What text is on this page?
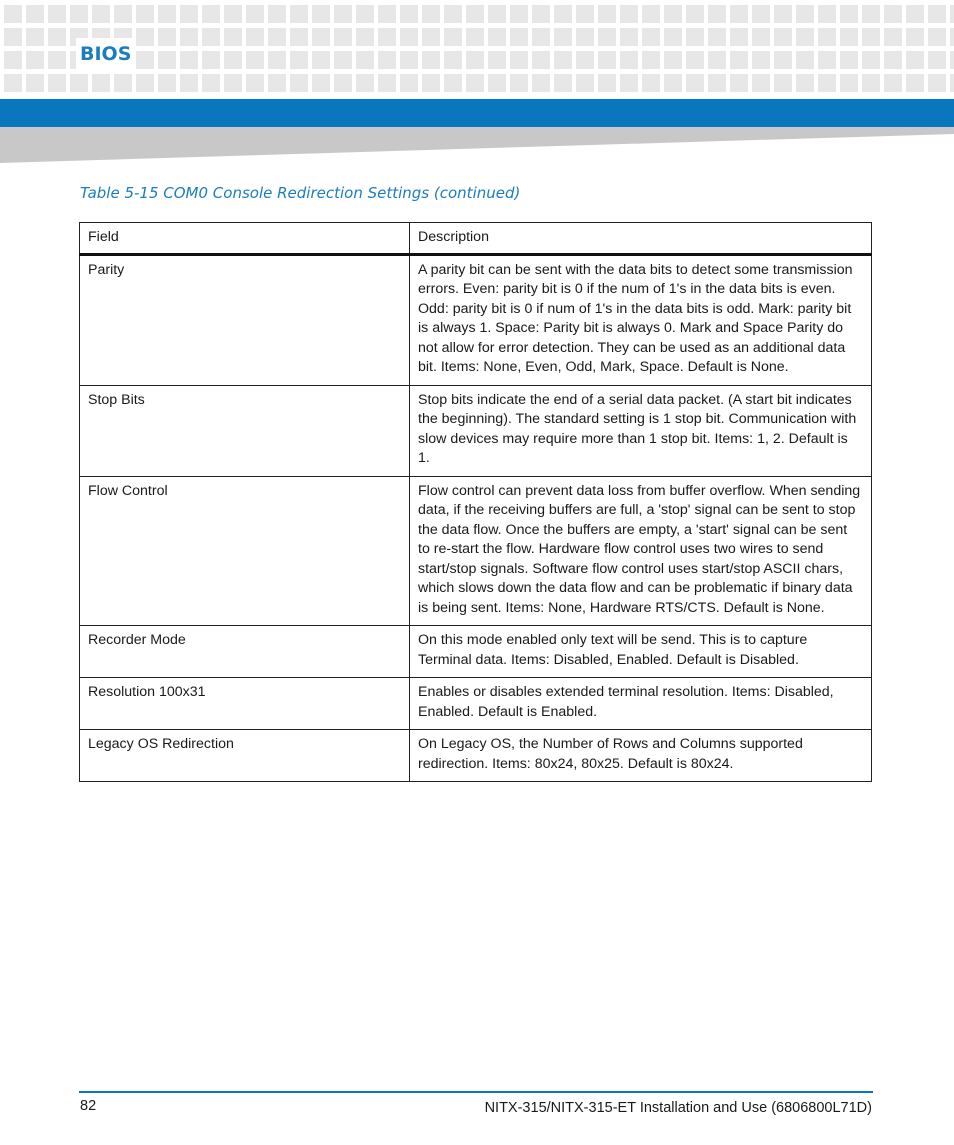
BIOS
Table 5-15 COM0 Console Redirection Settings (continued)
Field	Description
Parity	A parity bit can be sent with the data bits to detect some transmission errors. Even: parity bit is 0 if the num of 1's in the data bits is even. Odd: parity bit is 0 if num of 1's in the data bits is odd. Mark: parity bit is always 1. Space: Parity bit is always 0. Mark and Space Parity do not allow for error detection. They can be used as an additional data bit. Items: None, Even, Odd, Mark, Space. Default is None.
Stop Bits	Stop bits indicate the end of a serial data packet. (A start bit indicates the beginning). The standard setting is 1 stop bit. Communication with slow devices may require more than 1 stop bit. Items: 1, 2. Default is 1.
Flow Control	Flow control can prevent data loss from buffer overflow. When sending data, if the receiving buffers are full, a 'stop' signal can be sent to stop the data flow. Once the buffers are empty, a 'start' signal can be sent to re-start the flow. Hardware flow control uses two wires to send start/stop signals. Software flow control uses start/stop ASCII chars, which slows down the data flow and can be problematic if binary data is being sent. Items: None, Hardware RTS/CTS. Default is None.
Recorder Mode	On this mode enabled only text will be send. This is to capture Terminal data. Items: Disabled, Enabled. Default is Disabled.
Resolution 100x31	Enables or disables extended terminal resolution. Items: Disabled, Enabled. Default is Enabled.
Legacy OS Redirection	On Legacy OS, the Number of Rows and Columns supported redirection. Items: 80x24, 80x25. Default is 80x24.
82	NITX-315/NITX-315-ET Installation and Use (6806800L71D)
